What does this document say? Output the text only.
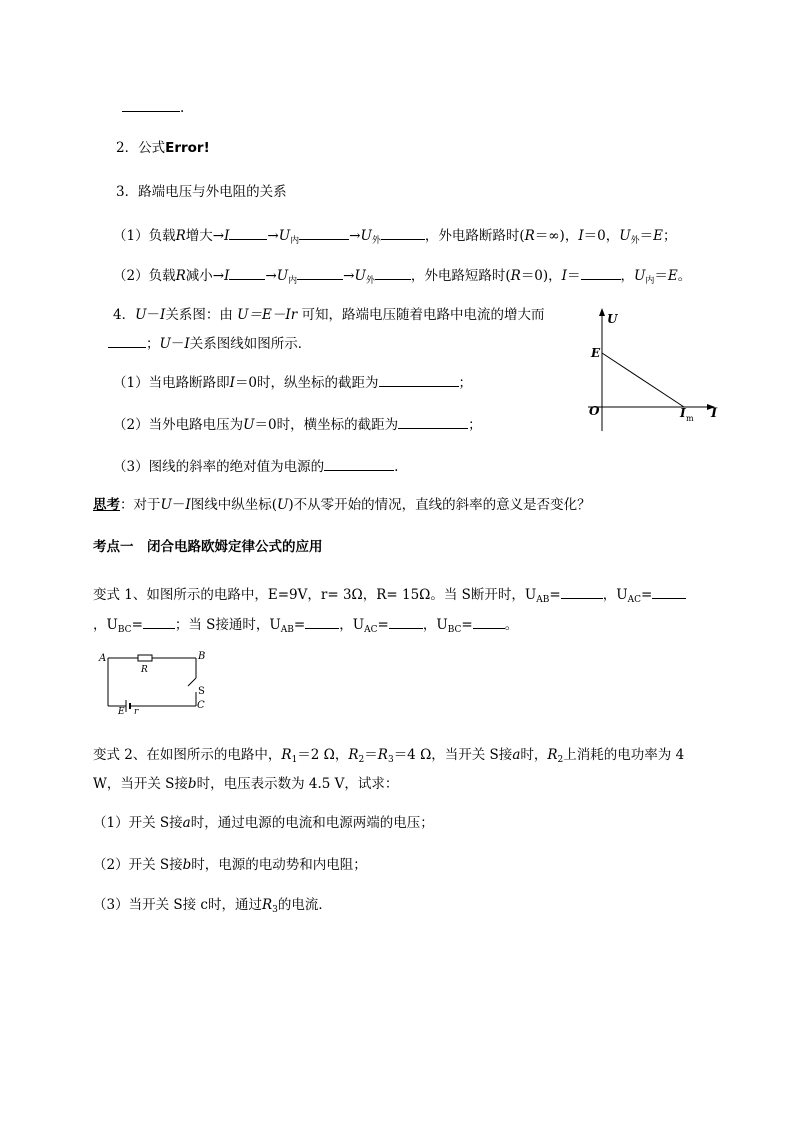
.
2．公式Error!
3．路端电压与外电阻的关系
（1）负载R增大→I	$\to U_内$	$\to U_外$	，外电路断路时(R＝∞)，I＝0，$U_外=E$；
（2）负载R减小→I	$\to U_内$	$\to U_外$	，外电路短路时(R＝0)，I＝	，$U_内=E$。
4．U－I关系图：由 U＝E－Ir 可知，路端电压随着电路中电流的增大而
；U－I关系图线如图所示．
（1）当电路断路即I＝0时，纵坐标的截距为	；
（2）当外电路电压为U＝0时，横坐标的截距为	；
（3）图线的斜率的绝对值为电源的	.
U
E
O	I m I
思考：对于U－I图线中纵坐标(U)不从零开始的情况，直线的斜率的意义是否变化？
考点一　闭合电路欧姆定律公式的应用
变式 1、如图所示的电路中，E=9V，r= 3Ω，R= 15Ω。当 S断开时，$U_{AB}=$	，$U_{AC}=$
，$U_{BC}=$ ；当 S接通时，$U_{AB}=$	，$U_{AC}=$	，$U_{BC}=$ 。
A	B
R
S
E r
C
变式 2、在如图所示的电路中，$R_1=2$ Ω，$R_2=R_3=4$ Ω，当开关 S接a时，$R_2$上消耗的电功率为 4
W，当开关 S接b时，电压表示数为 4.5 V，试求：
（1）开关 S接a时，通过电源的电流和电源两端的电压；
（2）开关 S接b时，电源的电动势和内电阻；
（3）当开关 S接 c时，通过$R_3$的电流．
